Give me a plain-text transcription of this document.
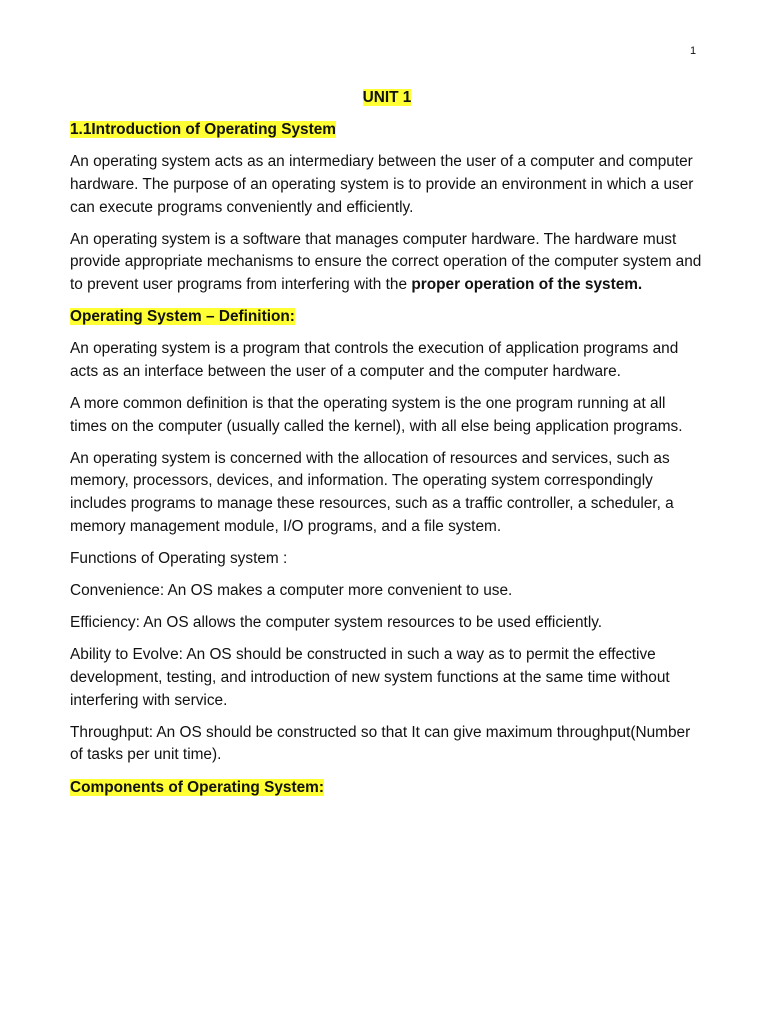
1

UNIT 1

1.1Introduction of Operating System

An operating system acts as an intermediary between the user of a computer and computer hardware. The purpose of an operating system is to provide an environment in which a user can execute programs conveniently and efficiently.

An operating system is a software that manages computer hardware. The hardware must provide appropriate mechanisms to ensure the correct operation of the computer system and to prevent user programs from interfering with the proper operation of the system.

Operating System – Definition:

An operating system is a program that controls the execution of application programs and acts as an interface between the user of a computer and the computer hardware.

A more common definition is that the operating system is the one program running at all times on the computer (usually called the kernel), with all else being application programs.

An operating system is concerned with the allocation of resources and services, such as memory, processors, devices, and information. The operating system correspondingly includes programs to manage these resources, such as a traffic controller, a scheduler, a memory management module, I/O programs, and a file system.

Functions of Operating system :

Convenience: An OS makes a computer more convenient to use.

Efficiency: An OS allows the computer system resources to be used efficiently.

Ability to Evolve: An OS should be constructed in such a way as to permit the effective development, testing, and introduction of new system functions at the same time without interfering with service.

Throughput: An OS should be constructed so that It can give maximum throughput(Number of tasks per unit time).

Components of Operating System:
